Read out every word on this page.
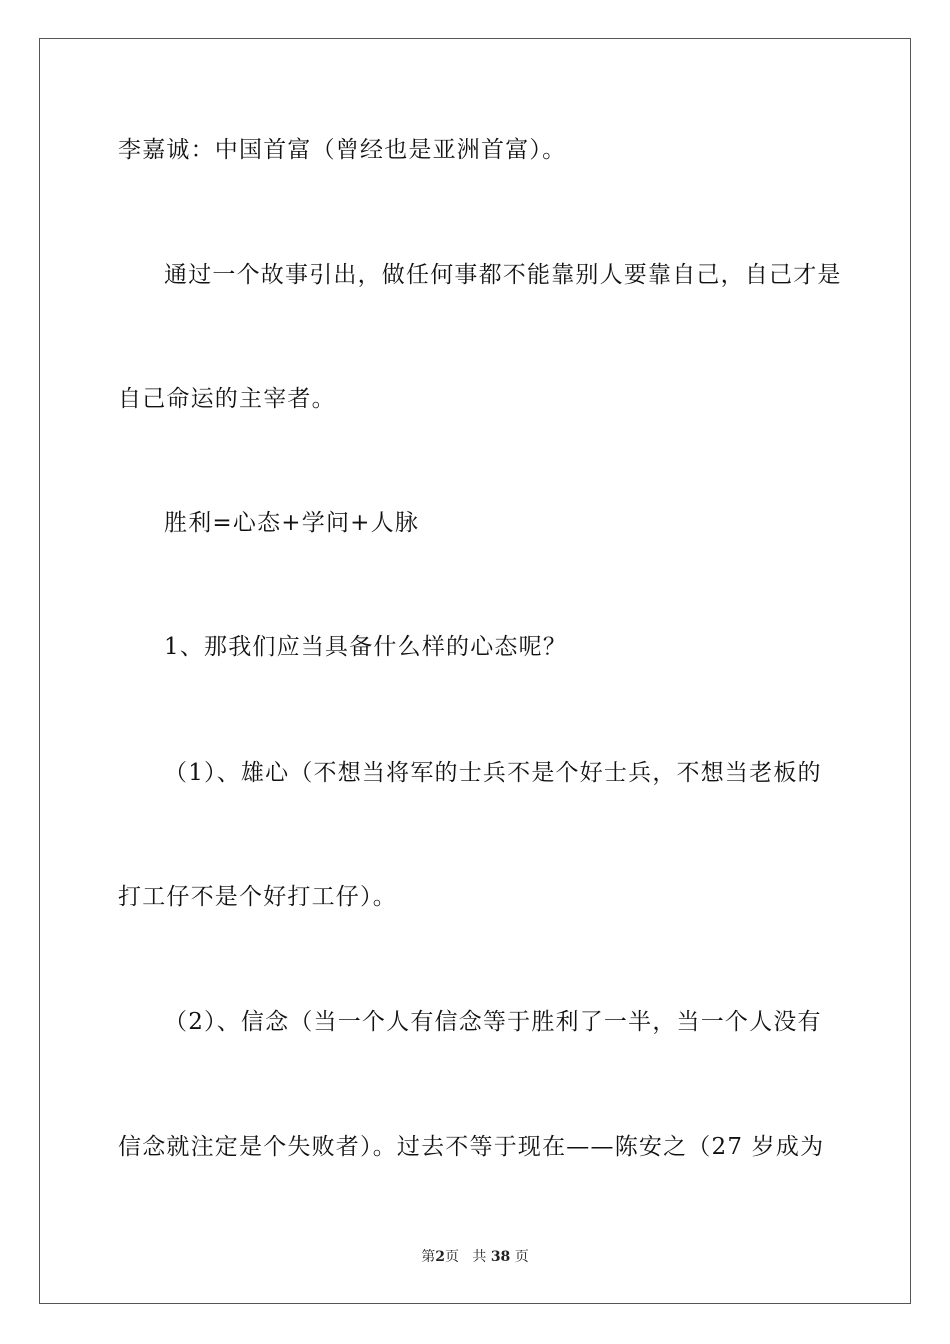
李嘉诚：中国首富（曾经也是亚洲首富）。
通过一个故事引出，做任何事都不能靠别人要靠自己，自己才是
自己命运的主宰者。
胜利=心态+学问+人脉
1、那我们应当具备什么样的心态呢？
（1）、雄心（不想当将军的士兵不是个好士兵，不想当老板的
打工仔不是个好打工仔）。
（2）、信念（当一个人有信念等于胜利了一半，当一个人没有
信念就注定是个失败者）。过去不等于现在——陈安之（27 岁成为
第2页 共 38 页
